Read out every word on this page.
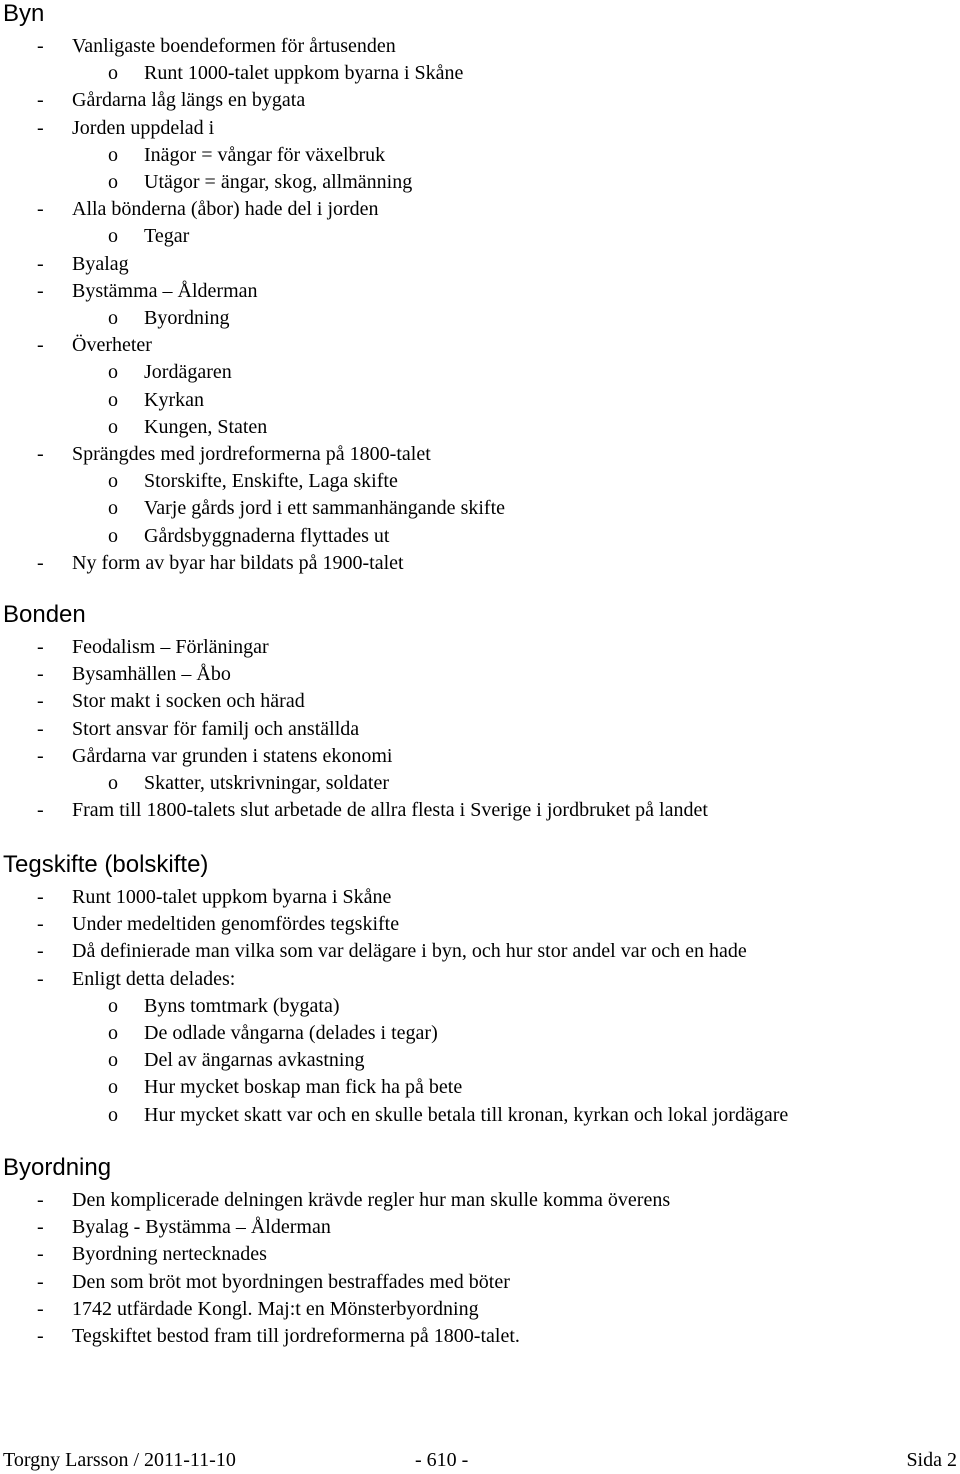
Byn
- Vanligaste boendeformen för årtusenden
o Runt 1000-talet uppkom byarna i Skåne
- Gårdarna låg längs en bygata
- Jorden uppdelad i
o Inägor = vångar för växelbruk
o Utägor = ängar, skog, allmänning
- Alla bönderna (åbor) hade del i jorden
o Tegar
- Byalag
- Bystämma – Ålderman
o Byordning
- Överheter
o Jordägaren
o Kyrkan
o Kungen, Staten
- Sprängdes med jordreformerna på 1800-talet
o Storskifte, Enskifte, Laga skifte
o Varje gårds jord i ett sammanhängande skifte
o Gårdsbyggnaderna flyttades ut
- Ny form av byar har bildats på 1900-talet
Bonden
- Feodalism – Förläningar
- Bysamhällen – Åbo
- Stor makt i socken och härad
- Stort ansvar för familj och anställda
- Gårdarna var grunden i statens ekonomi
o Skatter, utskrivningar, soldater
- Fram till 1800-talets slut arbetade de allra flesta i Sverige i jordbruket på landet
Tegskifte (bolskifte)
- Runt 1000-talet uppkom byarna i Skåne
- Under medeltiden genomfördes tegskifte
- Då definierade man vilka som var delägare i byn, och hur stor andel var och en hade
- Enligt detta delades:
o Byns tomtmark (bygata)
o De odlade vångarna (delades i tegar)
o Del av ängarnas avkastning
o Hur mycket boskap man fick ha på bete
o Hur mycket skatt var och en skulle betala till kronan, kyrkan och lokal jordägare
Byordning
- Den komplicerade delningen krävde regler hur man skulle komma överens
- Byalag - Bystämma – Ålderman
- Byordning nertecknades
- Den som bröt mot byordningen bestraffades med böter
- 1742 utfärdade Kongl. Maj:t en Mönsterbyordning
- Tegskiftet bestod fram till jordreformerna på 1800-talet.
Torgny Larsson / 2011-11-10	- 610 -	Sida 2
